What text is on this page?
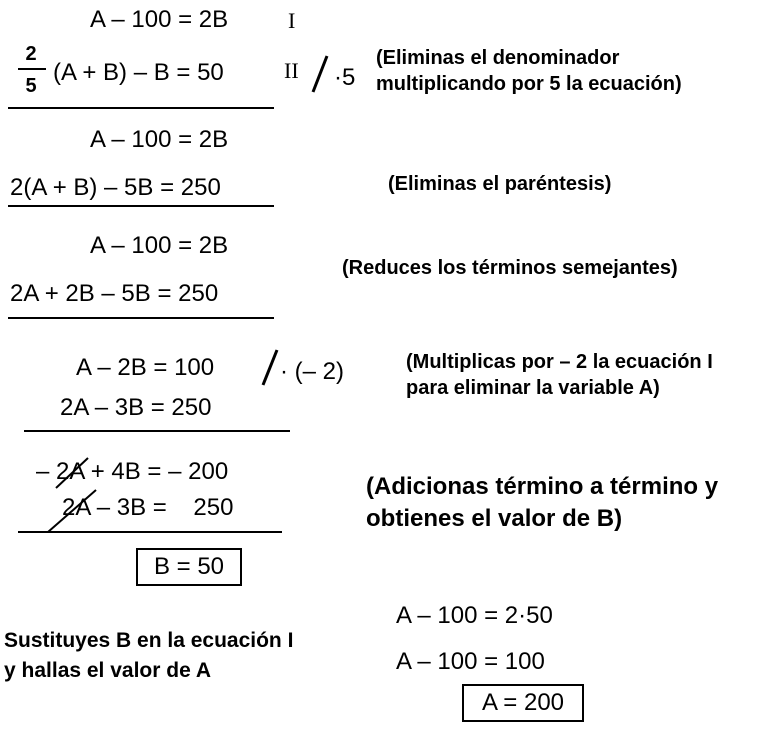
A – 100 = 2B	I
2
5 (A + B) – B = 50	II ·5
(Eliminas el denominador
multiplicando por 5 la ecuación)
A – 100 = 2B
2(A + B) – 5B = 250	(Eliminas el paréntesis)
A – 100 = 2B
2A + 2B – 5B = 250
(Reduces los términos semejantes)
A – 2B = 100	· (– 2)
2A – 3B = 250
(Multiplicas por – 2 la ecuación I
para eliminar la variable A)
– 2A + 4B = – 200
2A – 3B =    250
(Adicionas término a término y
obtienes el valor de B)
B = 50
Sustituyes B en la ecuación I
y hallas el valor de A
A – 100 = 2·50
A – 100 = 100
A = 200
